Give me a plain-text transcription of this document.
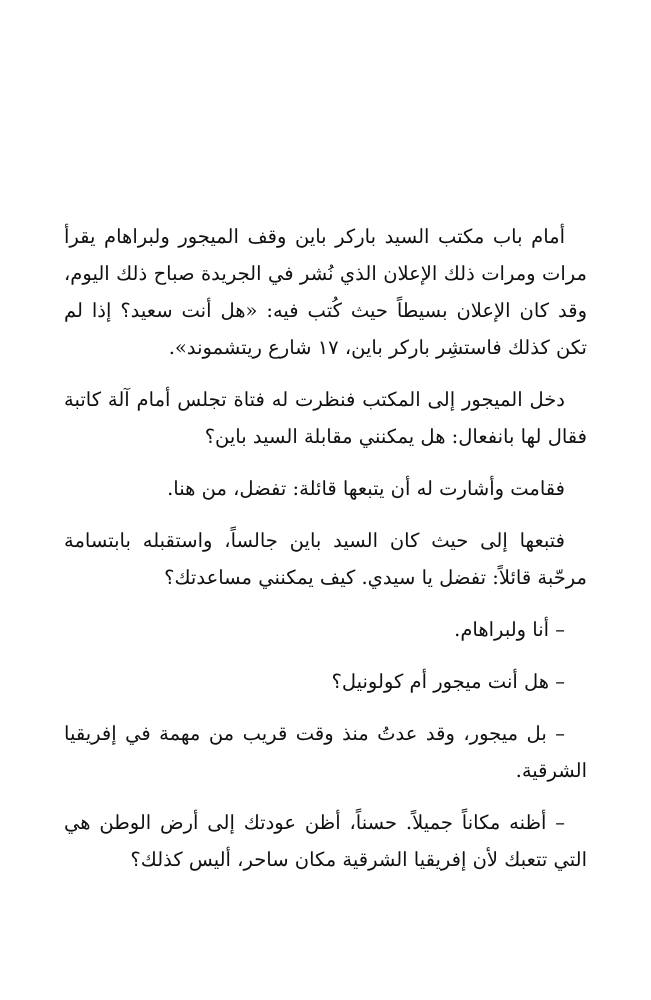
أمام باب مكتب السيد باركر باين وقف الميجور ولبراهام يقرأ مرات ومرات ذلك الإعلان الذي نُشر في الجريدة صباح ذلك اليوم، وقد كان الإعلان بسيطاً حيث كُتب فيه: «هل أنت سعيد؟ إذا لم تكن كذلك فاستشِر باركر باين، ١٧ شارع ريتشموند».

دخل الميجور إلى المكتب فنظرت له فتاة تجلس أمام آلة كاتبة فقال لها بانفعال: هل يمكنني مقابلة السيد باين؟

فقامت وأشارت له أن يتبعها قائلة: تفضل، من هنا.

فتبعها إلى حيث كان السيد باين جالساً، واستقبله بابتسامة مرحّبة قائلاً: تفضل يا سيدي. كيف يمكنني مساعدتك؟

– أنا ولبراهام.

– هل أنت ميجور أم كولونيل؟

– بل ميجور، وقد عدتُ منذ وقت قريب من مهمة في إفريقيا الشرقية.

– أظنه مكاناً جميلاً. حسناً، أظن عودتك إلى أرض الوطن هي التي تتعبك لأن إفريقيا الشرقية مكان ساحر، أليس كذلك؟
